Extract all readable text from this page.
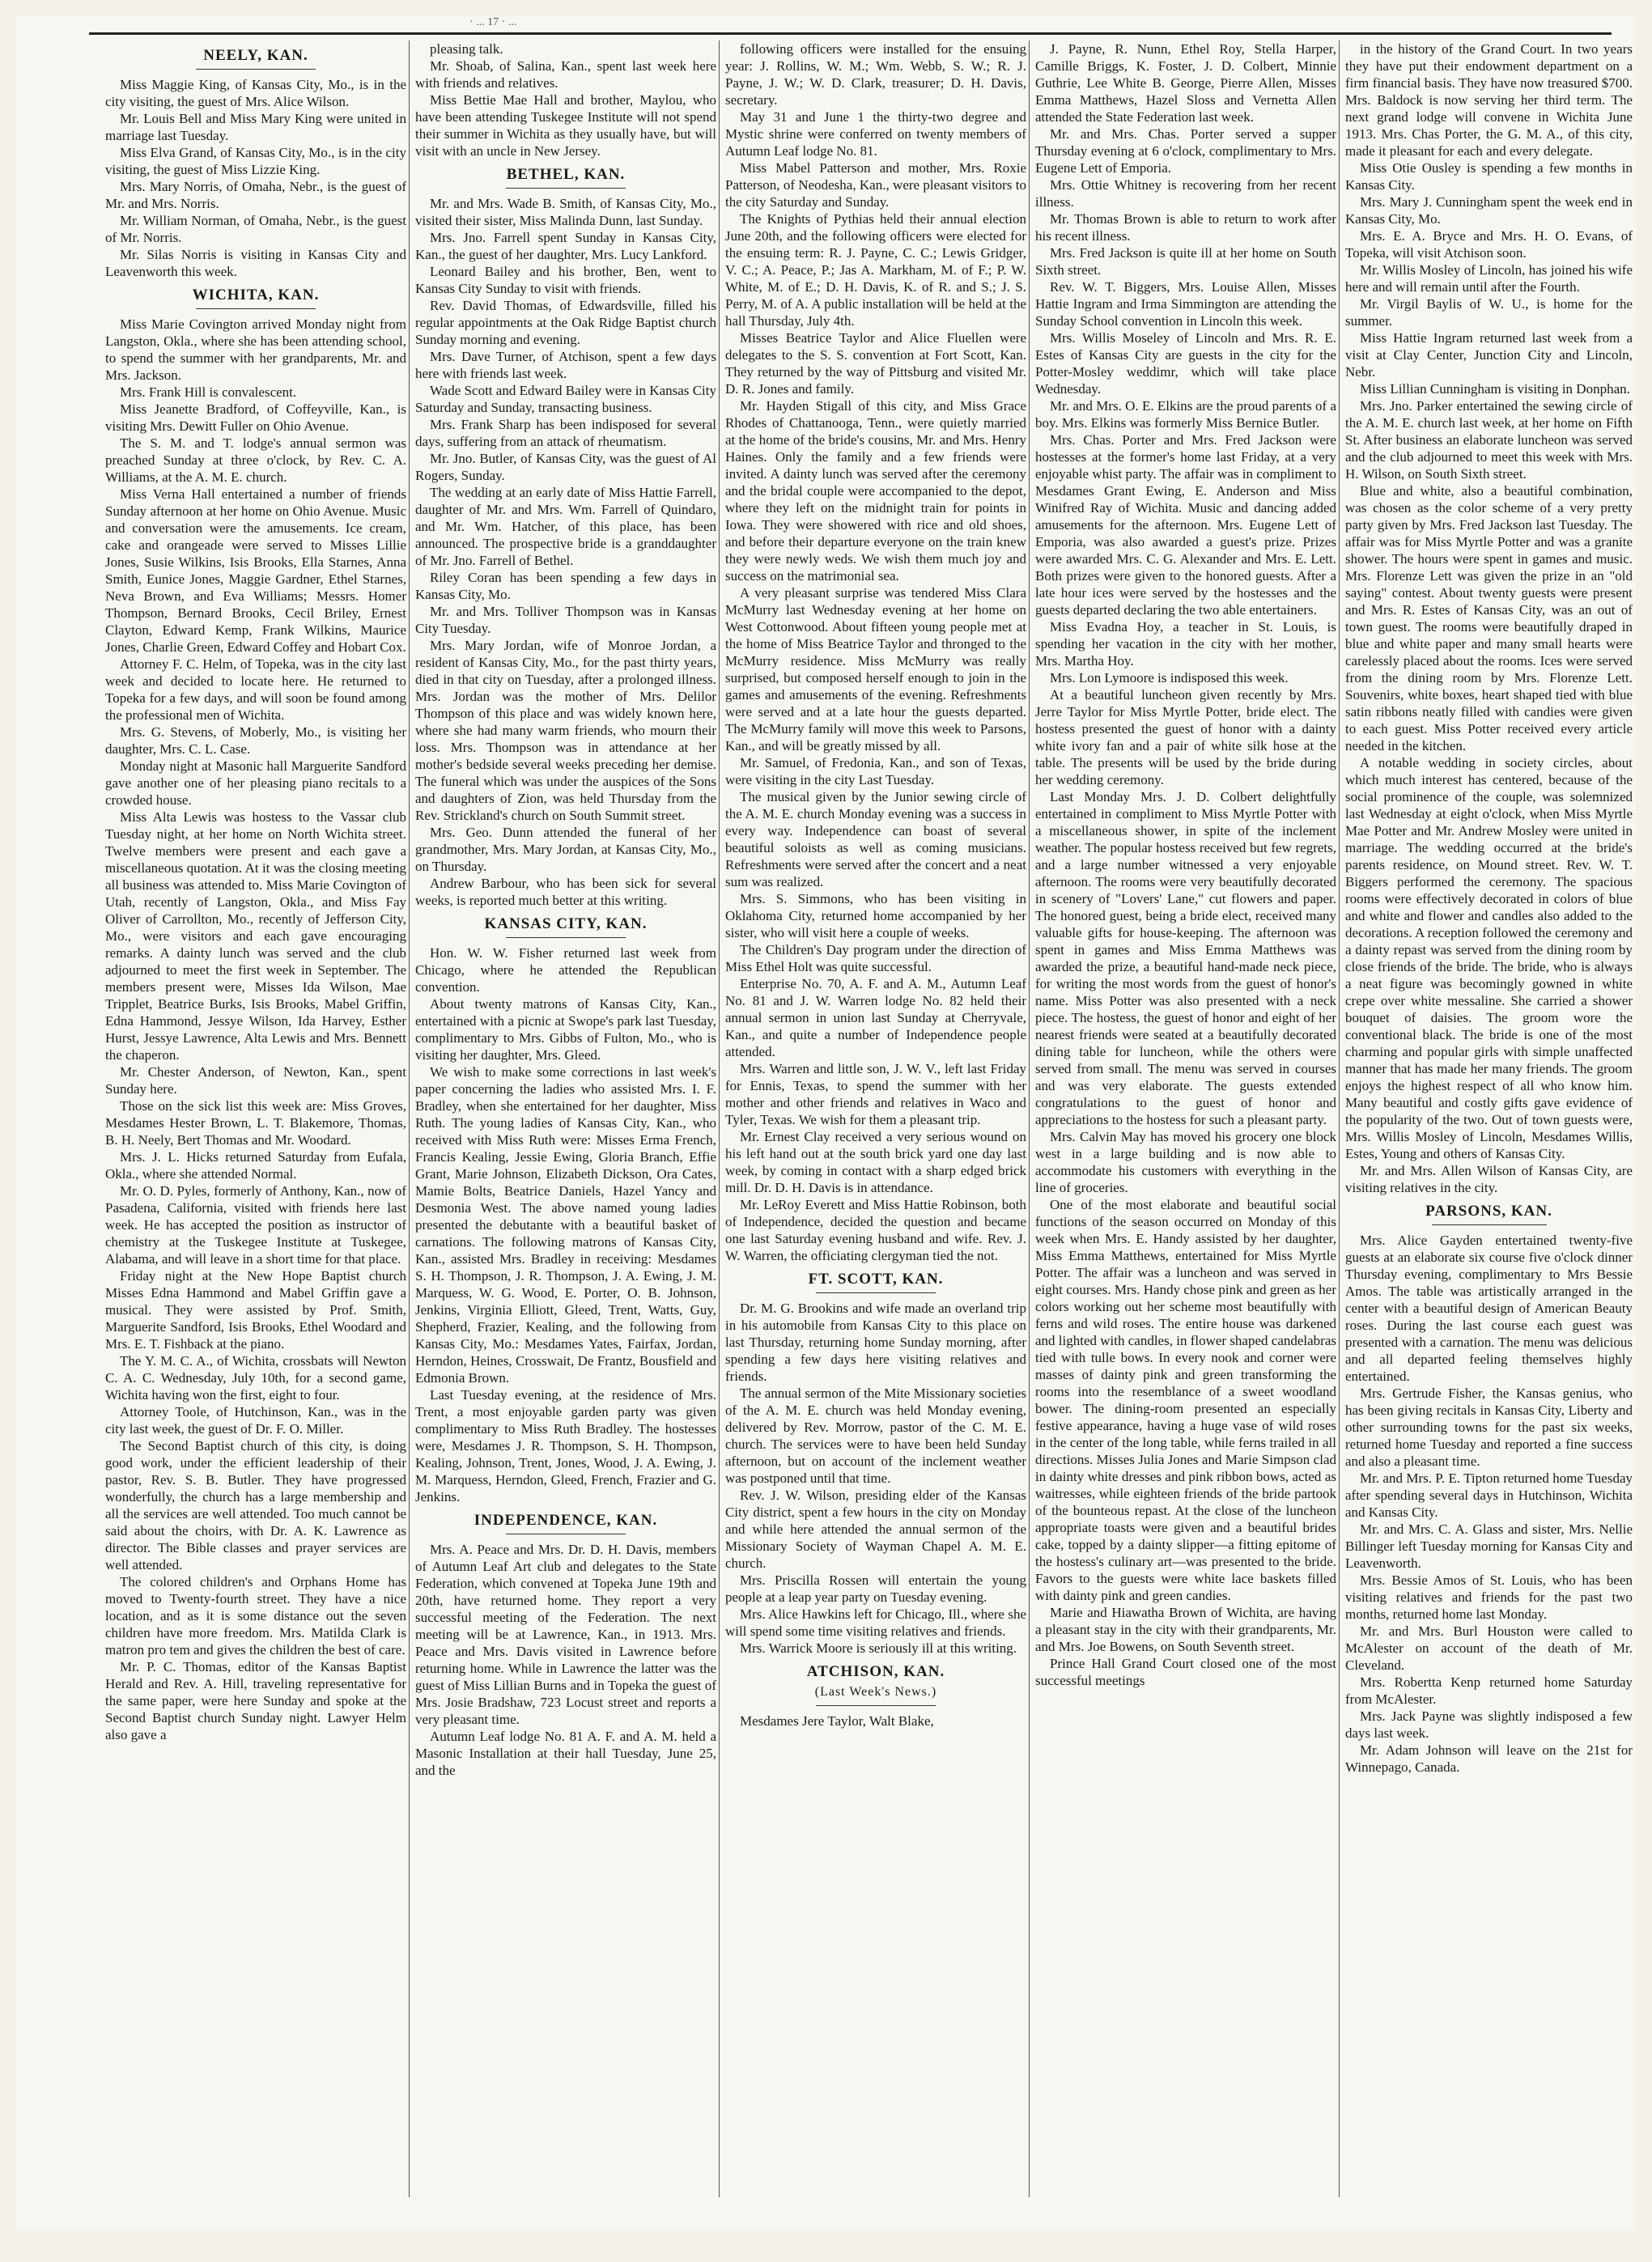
· ... 17 · ...
NEELY, KAN.

Miss Maggie King, of Kansas City, Mo., is in the city visiting, the guest of Mrs. Alice Wilson.

Mr. Louis Bell and Miss Mary King were united in marriage last Tuesday.

Miss Elva Grand, of Kansas City, Mo., is in the city visiting, the guest of Miss Lizzie King.

Mrs. Mary Norris, of Omaha, Nebr., is the guest of Mr. and Mrs. Norris.

Mr. William Norman, of Omaha, Nebr., is the guest of Mr. Norris.

Mr. Silas Norris is visiting in Kansas City and Leavenworth this week.

WICHITA, KAN.

Miss Marie Covington arrived Monday night from Langston, Okla., where she has been attending school, to spend the summer with her grandparents, Mr. and Mrs. Jackson.

Mrs. Frank Hill is convalescent.

Miss Jeanette Bradford, of Coffeyville, Kan., is visiting Mrs. Dewitt Fuller on Ohio Avenue.

The S. M. and T. lodge's annual sermon was preached Sunday at three o'clock, by Rev. C. A. Williams, at the A. M. E. church.

Miss Verna Hall entertained a number of friends Sunday afternoon at her home on Ohio Avenue. Music and conversation were the amusements. Ice cream, cake and orangeade were served to Misses Lillie Jones, Susie Wilkins, Isis Brooks, Ella Starnes, Anna Smith, Eunice Jones, Maggie Gardner, Ethel Starnes, Neva Brown, and Eva Williams; Messrs. Homer Thompson, Bernard Brooks, Cecil Briley, Ernest Clayton, Edward Kemp, Frank Wilkins, Maurice Jones, Charlie Green, Edward Coffey and Hobart Cox.

Attorney F. C. Helm, of Topeka, was in the city last week and decided to locate here. He returned to Topeka for a few days, and will soon be found among the professional men of Wichita.

Mrs. G. Stevens, of Moberly, Mo., is visiting her daughter, Mrs. C. L. Case.

Monday night at Masonic hall Marguerite Sandford gave another one of her pleasing piano recitals to a crowded house.

Miss Alta Lewis was hostess to the Vassar club Tuesday night, at her home on North Wichita street. Twelve members were present and each gave a miscellaneous quotation. At it was the closing meeting all business was attended to. Miss Marie Covington of Utah, recently of Langston, Okla., and Miss Fay Oliver of Carrollton, Mo., recently of Jefferson City, Mo., were visitors and each gave encouraging remarks. A dainty lunch was served and the club adjourned to meet the first week in September. The members present were, Misses Ida Wilson, Mae Tripplet, Beatrice Burks, Isis Brooks, Mabel Griffin, Edna Hammond, Jessye Wilson, Ida Harvey, Esther Hurst, Jessye Lawrence, Alta Lewis and Mrs. Bennett the chaperon.

Mr. Chester Anderson, of Newton, Kan., spent Sunday here.

Those on the sick list this week are: Miss Groves, Mesdames Hester Brown, L. T. Blakemore, Thomas, B. H. Neely, Bert Thomas and Mr. Woodard.

Mrs. J. L. Hicks returned Saturday from Eufala, Okla., where she attended Normal.

Mr. O. D. Pyles, formerly of Anthony, Kan., now of Pasadena, California, visited with friends here last week. He has accepted the position as instructor of chemistry at the Tuskegee Institute at Tuskegee, Alabama, and will leave in a short time for that place.

Friday night at the New Hope Baptist church Misses Edna Hammond and Mabel Griffin gave a musical. They were assisted by Prof. Smith, Marguerite Sandford, Isis Brooks, Ethel Woodard and Mrs. E. T. Fishback at the piano.

The Y. M. C. A., of Wichita, crossbats will Newton C. A. C. Wednesday, July 10th, for a second game, Wichita having won the first, eight to four.

Attorney Toole, of Hutchinson, Kan., was in the city last week, the guest of Dr. F. O. Miller.

The Second Baptist church of this city, is doing good work, under the efficient leadership of their pastor, Rev. S. B. Butler. They have progressed wonderfully, the church has a large membership and all the services are well attended. Too much cannot be said about the choirs, with Dr. A. K. Lawrence as director. The Bible classes and prayer services are well attended.

The colored children's and Orphans Home has moved to Twenty-fourth street. They have a nice location, and as it is some distance out the seven children have more freedom. Mrs. Matilda Clark is matron pro tem and gives the children the best of care.

Mr. P. C. Thomas, editor of the Kansas Baptist Herald and Rev. A. Hill, traveling representative for the same paper, were here Sunday and spoke at the Second Baptist church Sunday night. Lawyer Helm also gave a

pleasing talk.

Mr. Shoab, of Salina, Kan., spent last week here with friends and relatives.

Miss Bettie Mae Hall and brother, Maylou, who have been attending Tuskegee Institute will not spend their summer in Wichita as they usually have, but will visit with an uncle in New Jersey.

BETHEL, KAN.

Mr. and Mrs. Wade B. Smith, of Kansas City, Mo., visited their sister, Miss Malinda Dunn, last Sunday.

Mrs. Jno. Farrell spent Sunday in Kansas City, Kan., the guest of her daughter, Mrs. Lucy Lankford.

Leonard Bailey and his brother, Ben, went to Kansas City Sunday to visit with friends.

Rev. David Thomas, of Edwardsville, filled his regular appointments at the Oak Ridge Baptist church Sunday morning and evening.

Mrs. Dave Turner, of Atchison, spent a few days here with friends last week.

Wade Scott and Edward Bailey were in Kansas City Saturday and Sunday, transacting business.

Mrs. Frank Sharp has been indisposed for several days, suffering from an attack of rheumatism.

Mr. Jno. Butler, of Kansas City, was the guest of Al Rogers, Sunday.

The wedding at an early date of Miss Hattie Farrell, daughter of Mr. and Mrs. Wm. Farrell of Quindaro, and Mr. Wm. Hatcher, of this place, has been announced. The prospective bride is a granddaughter of Mr. Jno. Farrell of Bethel.

Riley Coran has been spending a few days in Kansas City, Mo.

Mr. and Mrs. Tolliver Thompson was in Kansas City Tuesday.

Mrs. Mary Jordan, wife of Monroe Jordan, a resident of Kansas City, Mo., for the past thirty years, died in that city on Tuesday, after a prolonged illness. Mrs. Jordan was the mother of Mrs. Delilor Thompson of this place and was widely known here, where she had many warm friends, who mourn their loss. Mrs. Thompson was in attendance at her mother's bedside several weeks preceding her demise. The funeral which was under the auspices of the Sons and daughters of Zion, was held Thursday from the Rev. Strickland's church on South Summit street.

Mrs. Geo. Dunn attended the funeral of her grandmother, Mrs. Mary Jordan, at Kansas City, Mo., on Thursday.

Andrew Barbour, who has been sick for several weeks, is reported much better at this writing.

KANSAS CITY, KAN.

Hon. W. W. Fisher returned last week from Chicago, where he attended the Republican convention.

About twenty matrons of Kansas City, Kan., entertained with a picnic at Swope's park last Tuesday, complimentary to Mrs. Gibbs of Fulton, Mo., who is visiting her daughter, Mrs. Gleed.

We wish to make some corrections in last week's paper concerning the ladies who assisted Mrs. I. F. Bradley, when she entertained for her daughter, Miss Ruth. The young ladies of Kansas City, Kan., who received with Miss Ruth were: Misses Erma French, Francis Kealing, Jessie Ewing, Gloria Branch, Effie Grant, Marie Johnson, Elizabeth Dickson, Ora Cates, Mamie Bolts, Beatrice Daniels, Hazel Yancy and Desmonia West. The above named young ladies presented the debutante with a beautiful basket of carnations. The following matrons of Kansas City, Kan., assisted Mrs. Bradley in receiving: Mesdames S. H. Thompson, J. R. Thompson, J. A. Ewing, J. M. Marquess, W. G. Wood, E. Porter, O. B. Johnson, Jenkins, Virginia Elliott, Gleed, Trent, Watts, Guy, Shepherd, Frazier, Kealing, and the following from Kansas City, Mo.: Mesdames Yates, Fairfax, Jordan, Herndon, Heines, Crosswait, De Frantz, Bousfield and Edmonia Brown.

Last Tuesday evening, at the residence of Mrs. Trent, a most enjoyable garden party was given complimentary to Miss Ruth Bradley. The hostesses were, Mesdames J. R. Thompson, S. H. Thompson, Kealing, Johnson, Trent, Jones, Wood, J. A. Ewing, J. M. Marquess, Herndon, Gleed, French, Frazier and G. Jenkins.

INDEPENDENCE, KAN.

Mrs. A. Peace and Mrs. Dr. D. H. Davis, members of Autumn Leaf Art club and delegates to the State Federation, which convened at Topeka June 19th and 20th, have returned home. They report a very successful meeting of the Federation. The next meeting will be at Lawrence, Kan., in 1913. Mrs. Peace and Mrs. Davis visited in Lawrence before returning home. While in Lawrence the latter was the guest of Miss Lillian Burns and in Topeka the guest of Mrs. Josie Bradshaw, 723 Locust street and reports a very pleasant time.

Autumn Leaf lodge No. 81 A. F. and A. M. held a Masonic Installation at their hall Tuesday, June 25, and the

following officers were installed for the ensuing year: J. Rollins, W. M.; Wm. Webb, S. W.; R. J. Payne, J. W.; W. D. Clark, treasurer; D. H. Davis, secretary.

May 31 and June 1 the thirty-two degree and Mystic shrine were conferred on twenty members of Autumn Leaf lodge No. 81.

Miss Mabel Patterson and mother, Mrs. Roxie Patterson, of Neodesha, Kan., were pleasant visitors to the city Saturday and Sunday.

The Knights of Pythias held their annual election June 20th, and the following officers were elected for the ensuing term: R. J. Payne, C. C.; Lewis Gridger, V. C.; A. Peace, P.; Jas A. Markham, M. of F.; P. W. White, M. of E.; D. H. Davis, K. of R. and S.; J. S. Perry, M. of A. A public installation will be held at the hall Thursday, July 4th.

Misses Beatrice Taylor and Alice Fluellen were delegates to the S. S. convention at Fort Scott, Kan. They returned by the way of Pittsburg and visited Mr. D. R. Jones and family.

Mr. Hayden Stigall of this city, and Miss Grace Rhodes of Chattanooga, Tenn., were quietly married at the home of the bride's cousins, Mr. and Mrs. Henry Haines. Only the family and a few friends were invited. A dainty lunch was served after the ceremony and the bridal couple were accompanied to the depot, where they left on the midnight train for points in Iowa. They were showered with rice and old shoes, and before their departure everyone on the train knew they were newly weds. We wish them much joy and success on the matrimonial sea.

A very pleasant surprise was tendered Miss Clara McMurry last Wednesday evening at her home on West Cottonwood. About fifteen young people met at the home of Miss Beatrice Taylor and thronged to the McMurry residence. Miss McMurry was really surprised, but composed herself enough to join in the games and amusements of the evening. Refreshments were served and at a late hour the guests departed. The McMurry family will move this week to Parsons, Kan., and will be greatly missed by all.

Mr. Samuel, of Fredonia, Kan., and son of Texas, were visiting in the city Last Tuesday.

The musical given by the Junior sewing circle of the A. M. E. church Monday evening was a success in every way. Independence can boast of several beautiful soloists as well as coming musicians. Refreshments were served after the concert and a neat sum was realized.

Mrs. S. Simmons, who has been visiting in Oklahoma City, returned home accompanied by her sister, who will visit here a couple of weeks.

The Children's Day program under the direction of Miss Ethel Holt was quite successful.

Enterprise No. 70, A. F. and A. M., Autumn Leaf No. 81 and J. W. Warren lodge No. 82 held their annual sermon in union last Sunday at Cherryvale, Kan., and quite a number of Independence people attended.

Mrs. Warren and little son, J. W. V., left last Friday for Ennis, Texas, to spend the summer with her mother and other friends and relatives in Waco and Tyler, Texas. We wish for them a pleasant trip.

Mr. Ernest Clay received a very serious wound on his left hand out at the south brick yard one day last week, by coming in contact with a sharp edged brick mill. Dr. D. H. Davis is in attendance.

Mr. LeRoy Everett and Miss Hattie Robinson, both of Independence, decided the question and became one last Saturday evening husband and wife. Rev. J. W. Warren, the officiating clergyman tied the not.

FT. SCOTT, KAN.

Dr. M. G. Brookins and wife made an overland trip in his automobile from Kansas City to this place on last Thursday, returning home Sunday morning, after spending a few days here visiting relatives and friends.

The annual sermon of the Mite Missionary societies of the A. M. E. church was held Monday evening, delivered by Rev. Morrow, pastor of the C. M. E. church. The services were to have been held Sunday afternoon, but on account of the inclement weather was postponed until that time.

Rev. J. W. Wilson, presiding elder of the Kansas City district, spent a few hours in the city on Monday and while here attended the annual sermon of the Missionary Society of Wayman Chapel A. M. E. church.

Mrs. Priscilla Rossen will entertain the young people at a leap year party on Tuesday evening.

Mrs. Alice Hawkins left for Chicago, Ill., where she will spend some time visiting relatives and friends.

Mrs. Warrick Moore is seriously ill at this writing.

ATCHISON, KAN.
(Last Week's News.)

Mesdames Jere Taylor, Walt Blake,

J. Payne, R. Nunn, Ethel Roy, Stella Harper, Camille Briggs, K. Foster, J. D. Colbert, Minnie Guthrie, Lee White B. George, Pierre Allen, Misses Emma Matthews, Hazel Sloss and Vernetta Allen attended the State Federation last week.

Mr. and Mrs. Chas. Porter served a supper Thursday evening at 6 o'clock, complimentary to Mrs. Eugene Lett of Emporia.

Mrs. Ottie Whitney is recovering from her recent illness.

Mr. Thomas Brown is able to return to work after his recent illness.

Mrs. Fred Jackson is quite ill at her home on South Sixth street.

Rev. W. T. Biggers, Mrs. Louise Allen, Misses Hattie Ingram and Irma Simmington are attending the Sunday School convention in Lincoln this week.

Mrs. Willis Moseley of Lincoln and Mrs. R. E. Estes of Kansas City are guests in the city for the Potter-Mosley weddimr, which will take place Wednesday.

Mr. and Mrs. O. E. Elkins are the proud parents of a boy. Mrs. Elkins was formerly Miss Bernice Butler.

Mrs. Chas. Porter and Mrs. Fred Jackson were hostesses at the former's home last Friday, at a very enjoyable whist party. The affair was in compliment to Mesdames Grant Ewing, E. Anderson and Miss Winifred Ray of Wichita. Music and dancing added amusements for the afternoon. Mrs. Eugene Lett of Emporia, was also awarded a guest's prize. Prizes were awarded Mrs. C. G. Alexander and Mrs. E. Lett. Both prizes were given to the honored guests. After a late hour ices were served by the hostesses and the guests departed declaring the two able entertainers.

Miss Evadna Hoy, a teacher in St. Louis, is spending her vacation in the city with her mother, Mrs. Martha Hoy.

Mrs. Lon Lymoore is indisposed this week.

At a beautiful luncheon given recently by Mrs. Jerre Taylor for Miss Myrtle Potter, bride elect. The hostess presented the guest of honor with a dainty white ivory fan and a pair of white silk hose at the table. The presents will be used by the bride during her wedding ceremony.

Last Monday Mrs. J. D. Colbert delightfully entertained in compliment to Miss Myrtle Potter with a miscellaneous shower, in spite of the inclement weather. The popular hostess received but few regrets, and a large number witnessed a very enjoyable afternoon. The rooms were very beautifully decorated in scenery of "Lovers' Lane," cut flowers and paper. The honored guest, being a bride elect, received many valuable gifts for house-keeping. The afternoon was spent in games and Miss Emma Matthews was awarded the prize, a beautiful hand-made neck piece, for writing the most words from the guest of honor's name. Miss Potter was also presented with a neck piece. The hostess, the guest of honor and eight of her nearest friends were seated at a beautifully decorated dining table for luncheon, while the others were served from small. The menu was served in courses and was very elaborate. The guests extended congratulations to the guest of honor and appreciations to the hostess for such a pleasant party.

Mrs. Calvin May has moved his grocery one block west in a large building and is now able to accommodate his customers with everything in the line of groceries.

One of the most elaborate and beautiful social functions of the season occurred on Monday of this week when Mrs. E. Handy assisted by her daughter, Miss Emma Matthews, entertained for Miss Myrtle Potter. The affair was a luncheon and was served in eight courses. Mrs. Handy chose pink and green as her colors working out her scheme most beautifully with ferns and wild roses. The entire house was darkened and lighted with candles, in flower shaped candelabras tied with tulle bows. In every nook and corner were masses of dainty pink and green transforming the rooms into the resemblance of a sweet woodland bower. The dining-room presented an especially festive appearance, having a huge vase of wild roses in the center of the long table, while ferns trailed in all directions. Misses Julia Jones and Marie Simpson clad in dainty white dresses and pink ribbon bows, acted as waitresses, while eighteen friends of the bride partook of the bounteous repast. At the close of the luncheon appropriate toasts were given and a beautiful brides cake, topped by a dainty slipper—a fitting epitome of the hostess's culinary art—was presented to the bride. Favors to the guests were white lace baskets filled with dainty pink and green candies.

Marie and Hiawatha Brown of Wichita, are having a pleasant stay in the city with their grandparents, Mr. and Mrs. Joe Bowens, on South Seventh street.

Prince Hall Grand Court closed one of the most successful meetings

in the history of the Grand Court. In two years they have put their endowment department on a firm financial basis. They have now treasured $700. Mrs. Baldock is now serving her third term. The next grand lodge will convene in Wichita June 1913. Mrs. Chas Porter, the G. M. A., of this city, made it pleasant for each and every delegate.

Miss Otie Ousley is spending a few months in Kansas City.

Mrs. Mary J. Cunningham spent the week end in Kansas City, Mo.

Mrs. E. A. Bryce and Mrs. H. O. Evans, of Topeka, will visit Atchison soon.

Mr. Willis Mosley of Lincoln, has joined his wife here and will remain until after the Fourth.

Mr. Virgil Baylis of W. U., is home for the summer.

Miss Hattie Ingram returned last week from a visit at Clay Center, Junction City and Lincoln, Nebr.

Miss Lillian Cunningham is visiting in Donphan.

Mrs. Jno. Parker entertained the sewing circle of the A. M. E. church last week, at her home on Fifth St. After business an elaborate luncheon was served and the club adjourned to meet this week with Mrs. H. Wilson, on South Sixth street.

Blue and white, also a beautiful combination, was chosen as the color scheme of a very pretty party given by Mrs. Fred Jackson last Tuesday. The affair was for Miss Myrtle Potter and was a granite shower. The hours were spent in games and music. Mrs. Florenze Lett was given the prize in an "old saying" contest. About twenty guests were present and Mrs. R. Estes of Kansas City, was an out of town guest. The rooms were beautifully draped in blue and white paper and many small hearts were carelessly placed about the rooms. Ices were served from the dining room by Mrs. Florenze Lett. Souvenirs, white boxes, heart shaped tied with blue satin ribbons neatly filled with candies were given to each guest. Miss Potter received every article needed in the kitchen.

A notable wedding in society circles, about which much interest has centered, because of the social prominence of the couple, was solemnized last Wednesday at eight o'clock, when Miss Myrtle Mae Potter and Mr. Andrew Mosley were united in marriage. The wedding occurred at the bride's parents residence, on Mound street. Rev. W. T. Biggers performed the ceremony. The spacious rooms were effectively decorated in colors of blue and white and flower and candles also added to the decorations. A reception followed the ceremony and a dainty repast was served from the dining room by close friends of the bride. The bride, who is always a neat figure was becomingly gowned in white crepe over white messaline. She carried a shower bouquet of daisies. The groom wore the conventional black. The bride is one of the most charming and popular girls with simple unaffected manner that has made her many friends. The groom enjoys the highest respect of all who know him. Many beautiful and costly gifts gave evidence of the popularity of the two. Out of town guests were, Mrs. Willis Mosley of Lincoln, Mesdames Willis, Estes, Young and others of Kansas City.

Mr. and Mrs. Allen Wilson of Kansas City, are visiting relatives in the city.

PARSONS, KAN.

Mrs. Alice Gayden entertained twenty-five guests at an elaborate six course five o'clock dinner Thursday evening, complimentary to Mrs Bessie Amos. The table was artistically arranged in the center with a beautiful design of American Beauty roses. During the last course each guest was presented with a carnation. The menu was delicious and all departed feeling themselves highly entertained.

Mrs. Gertrude Fisher, the Kansas genius, who has been giving recitals in Kansas City, Liberty and other surrounding towns for the past six weeks, returned home Tuesday and reported a fine success and also a pleasant time.

Mr. and Mrs. P. E. Tipton returned home Tuesday after spending several days in Hutchinson, Wichita and Kansas City.

Mr. and Mrs. C. A. Glass and sister, Mrs. Nellie Billinger left Tuesday morning for Kansas City and Leavenworth.

Mrs. Bessie Amos of St. Louis, who has been visiting relatives and friends for the past two months, returned home last Monday.

Mr. and Mrs. Burl Houston were called to McAlester on account of the death of Mr. Cleveland.

Mrs. Robertta Kenp returned home Saturday from McAlester.

Mrs. Jack Payne was slightly indisposed a few days last week.

Mr. Adam Johnson will leave on the 21st for Winnepago, Canada.
